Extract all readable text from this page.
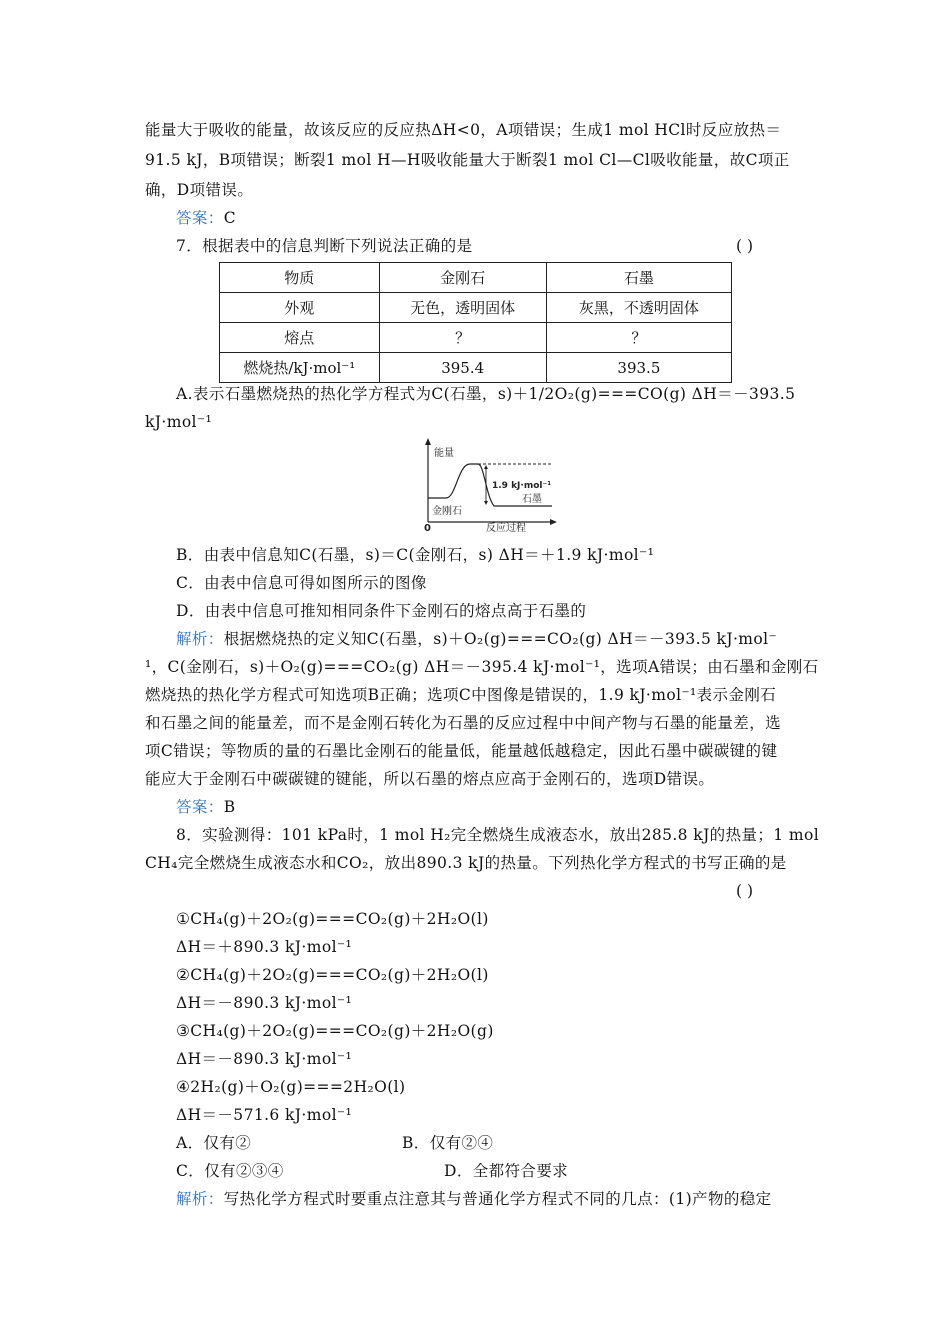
能量大于吸收的能量，故该反应的反应热ΔH<0，A项错误；生成1 mol HCl时反应放热＝
91.5 kJ，B项错误；断裂1 mol H—H吸收能量大于断裂1 mol Cl—Cl吸收能量，故C项正
确，D项错误。
答案：C
7．根据表中的信息判断下列说法正确的是	( )
物质	金刚石	石墨
外观	无色，透明固体	灰黑，不透明固体
熔点	？	？
燃烧热/kJ·mol⁻¹	395.4	393.5
A.表示石墨燃烧热的热化学方程式为C(石墨，s)＋1/2O₂(g)===CO(g) ΔH＝－393.5
kJ·mol⁻¹
能量
1.9 kJ·mol⁻¹
金刚石
石墨
0	反应过程
B．由表中信息知C(石墨，s)＝C(金刚石，s) ΔH＝＋1.9 kJ·mol⁻¹
C．由表中信息可得如图所示的图像
D．由表中信息可推知相同条件下金刚石的熔点高于石墨的
解析：根据燃烧热的定义知C(石墨，s)＋O₂(g)===CO₂(g) ΔH＝－393.5 kJ·mol⁻
¹，C(金刚石，s)＋O₂(g)===CO₂(g) ΔH＝－395.4 kJ·mol⁻¹，选项A错误；由石墨和金刚石
燃烧热的热化学方程式可知选项B正确；选项C中图像是错误的，1.9 kJ·mol⁻¹表示金刚石
和石墨之间的能量差，而不是金刚石转化为石墨的反应过程中中间产物与石墨的能量差，选
项C错误；等物质的量的石墨比金刚石的能量低，能量越低越稳定，因此石墨中碳碳键的键
能应大于金刚石中碳碳键的键能，所以石墨的熔点应高于金刚石的，选项D错误。
答案：B
8．实验测得：101 kPa时，1 mol H₂完全燃烧生成液态水，放出285.8 kJ的热量；1 mol
CH₄完全燃烧生成液态水和CO₂，放出890.3 kJ的热量。下列热化学方程式的书写正确的是
( )
①CH₄(g)＋2O₂(g)===CO₂(g)＋2H₂O(l)
ΔH＝＋890.3 kJ·mol⁻¹
②CH₄(g)＋2O₂(g)===CO₂(g)＋2H₂O(l)
ΔH＝－890.3 kJ·mol⁻¹
③CH₄(g)＋2O₂(g)===CO₂(g)＋2H₂O(g)
ΔH＝－890.3 kJ·mol⁻¹
④2H₂(g)＋O₂(g)===2H₂O(l)
ΔH＝－571.6 kJ·mol⁻¹
A．仅有②	B．仅有②④
C．仅有②③④	D．全都符合要求
解析：写热化学方程式时要重点注意其与普通化学方程式不同的几点：(1)产物的稳定
